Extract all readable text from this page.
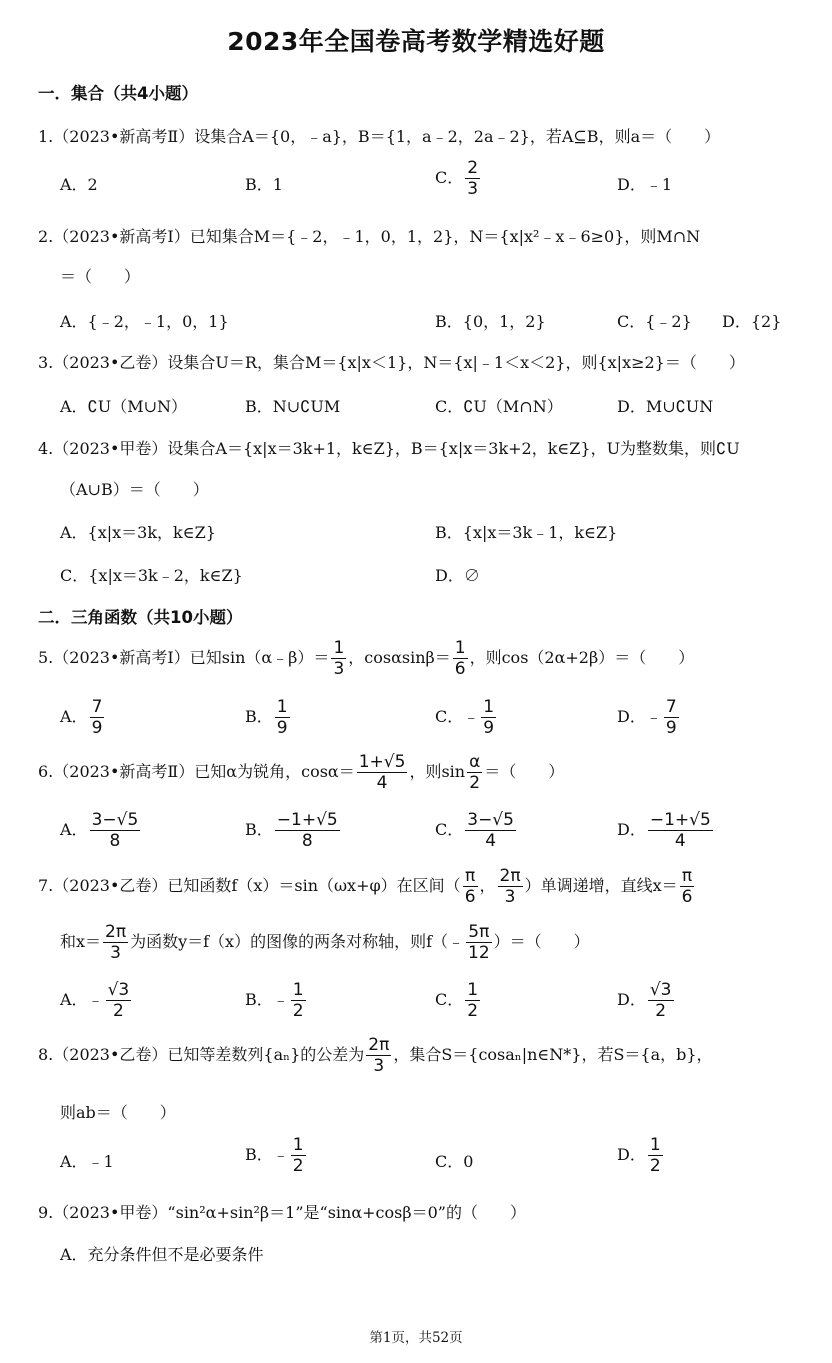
2023年全国卷高考数学精选好题
一．集合（共4小题）
1.（2023•新高考Ⅱ）设集合A＝{0，﹣a}，B＝{1，a﹣2，2a﹣2}，若A⊆B，则a＝（　　）
A．2	B．1	C． $\frac{2}{3}$	D．﹣1
2.（2023•新高考Ⅰ）已知集合M＝{﹣2，﹣1，0，1，2}，N＝{x|x²﹣x﹣6≥0}，则M∩N
＝（　　）
A．{﹣2，﹣1，0，1}	B．{0，1，2}	C．{﹣2} D．{2}
3.（2023•乙卷）设集合U＝R，集合M＝{x|x＜1}，N＝{x|﹣1＜x＜2}，则{x|x≥2}＝（　　）
A．∁U（M∪N）	B．N∪∁UM	C．∁U（M∩N）	D．M∪∁UN
4.（2023•甲卷）设集合A＝{x|x＝3k+1，k∈Z}，B＝{x|x＝3k+2，k∈Z}，U为整数集，则∁U
（A∪B）＝（　　）
A．{x|x＝3k，k∈Z}	B．{x|x＝3k﹣1，k∈Z}
C．{x|x＝3k﹣2，k∈Z}	D．∅
二．三角函数（共10小题）
5.（2023•新高考Ⅰ）已知sin（α﹣β）＝ $\frac{1}{3}$ ，$\cos\alpha\sin\beta= \frac{1}{6}$ ，则cos（2α+2β）＝（　　）
A． $\frac{7}{9}$	B． $\frac{1}{9}$	C．﹣ $\frac{1}{9}$	D．﹣ $\frac{7}{9}$
6.（2023•新高考Ⅱ）已知α为锐角，$\cos\alpha= \frac{1+√5}{4}$ ，则$\sin \frac{\alpha}{2}$ ＝（　　）
A． $\frac{3-√5}{8}$	B． $\frac{-1+√5}{8}$	C． $\frac{3-√5}{4}$	D． $\frac{-1+√5}{4}$
7.（2023•乙卷）已知函数f（x）＝sin（ωx+φ）在区间（ $\frac{\pi}{6}$ ， $\frac{2\pi}{3}$ ）单调递增，直线$x= \frac{\pi}{6}$
和$x= \frac{2\pi}{3}$ 为函数y＝f（x）的图像的两条对称轴，则f（﹣ $\frac{5\pi}{12}$ ）＝（　　）
A．﹣ $\frac{√3}{2}$	B．﹣ $\frac{1}{2}$	C． $\frac{1}{2}$	D． $\frac{√3}{2}$
8.（2023•乙卷）已知等差数列{aₙ}的公差为 $\frac{2\pi}{3}$ ，集合S＝{cosaₙ|n∈N*}，若S＝{a，b}，
则ab＝（　　）
A．﹣1	B．﹣ $\frac{1}{2}$	C．0	D． $\frac{1}{2}$
9.（2023•甲卷）“sin²α+sin²β＝1”是“sinα+cosβ＝0”的（　　）
A．充分条件但不是必要条件
第1页，共52页
